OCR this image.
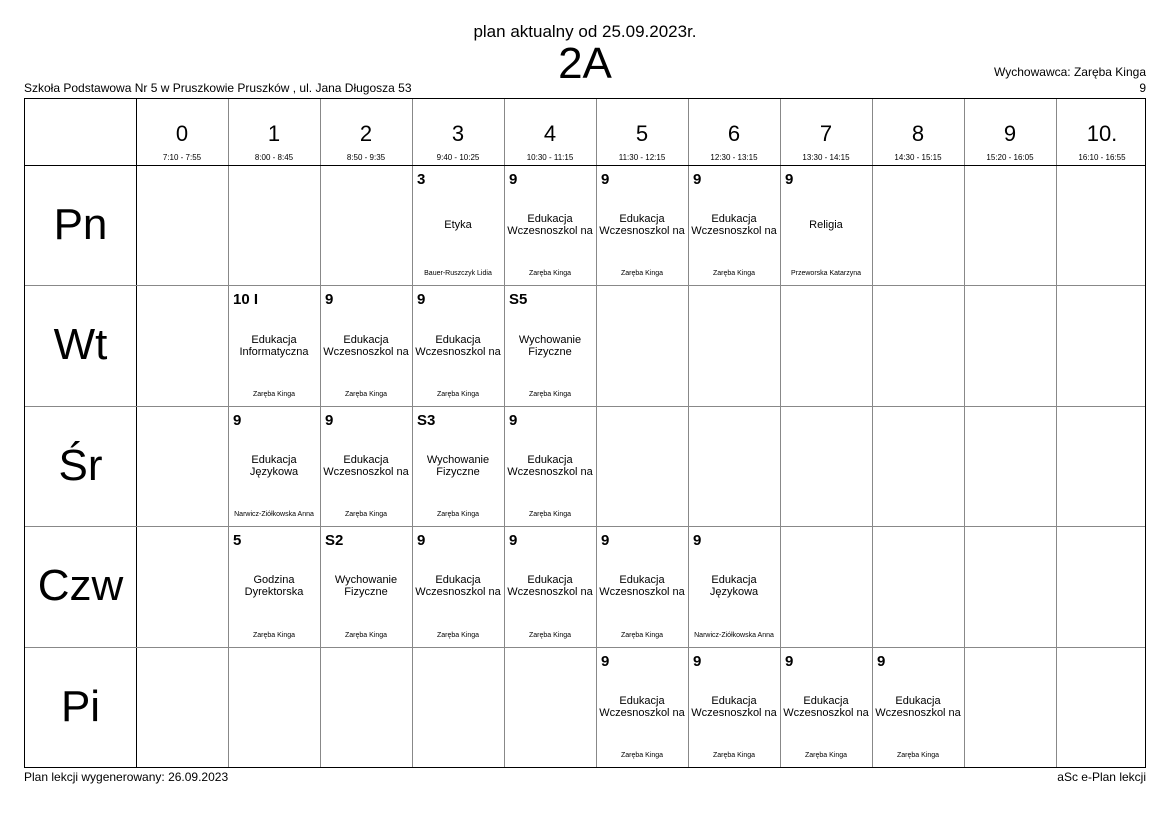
plan aktualny od 25.09.2023r.
2A
Szkoła Podstawowa Nr 5 w Pruszkowie Pruszków , ul. Jana Długosza 53
Wychowawca: Zaręba Kinga
9
0
7:10 - 7:55
1
8:00 - 8:45
2
8:50 - 9:35
3
9:40 - 10:25
4
10:30 - 11:15
5
11:30 - 12:15
6
12:30 - 13:15
7
13:30 - 14:15
8
14:30 - 15:15
9
15:20 - 16:05
10.
16:10 - 16:55
Pn
3
Etyka
Bauer-Ruszczyk Lidia
9
Edukacja Wczesnoszkol na
Zaręba Kinga
9
Edukacja Wczesnoszkol na
Zaręba Kinga
9
Edukacja Wczesnoszkol na
Zaręba Kinga
9
Religia
Przeworska Katarzyna
Wt
10 I
Edukacja Informatyczna
Zaręba Kinga
9
Edukacja Wczesnoszkol na
Zaręba Kinga
9
Edukacja Wczesnoszkol na
Zaręba Kinga
S5
Wychowanie Fizyczne
Zaręba Kinga
Śr
9
Edukacja Językowa
Narwicz-Ziółkowska Anna
9
Edukacja Wczesnoszkol na
Zaręba Kinga
S3
Wychowanie Fizyczne
Zaręba Kinga
9
Edukacja Wczesnoszkol na
Zaręba Kinga
Czw
5
Godzina Dyrektorska
Zaręba Kinga
S2
Wychowanie Fizyczne
Zaręba Kinga
9
Edukacja Wczesnoszkol na
Zaręba Kinga
9
Edukacja Wczesnoszkol na
Zaręba Kinga
9
Edukacja Wczesnoszkol na
Zaręba Kinga
9
Edukacja Językowa
Narwicz-Ziółkowska Anna
Pi
9
Edukacja Wczesnoszkol na
Zaręba Kinga
9
Edukacja Wczesnoszkol na
Zaręba Kinga
9
Edukacja Wczesnoszkol na
Zaręba Kinga
9
Edukacja Wczesnoszkol na
Zaręba Kinga
Plan lekcji wygenerowany: 26.09.2023	aSc e-Plan lekcji
